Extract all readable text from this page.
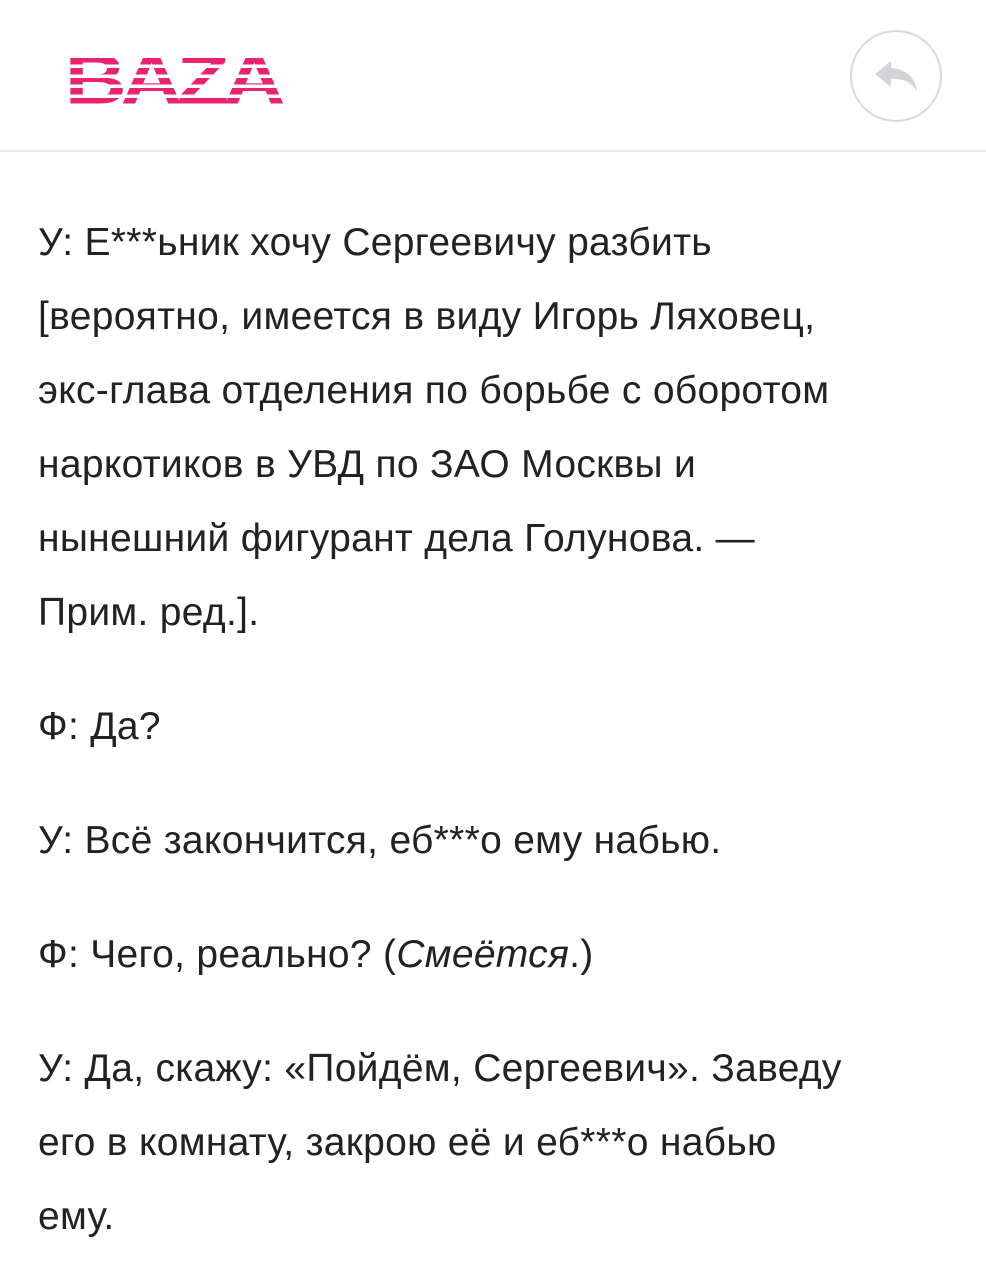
У: Е***ьник хочу Сергеевичу разбить
[вероятно, имеется в виду Игорь Ляховец,
экс-глава отделения по борьбе с оборотом
наркотиков в УВД по ЗАО Москвы и
нынешний фигурант дела Голунова. —
Прим. ред.].

Ф: Да?

У: Всё закончится, еб***о ему набью.

Ф: Чего, реально? (Смеётся.)

У: Да, скажу: «Пойдём, Сергеевич». Заведу
его в комнату, закрою её и еб***о набью
ему.
